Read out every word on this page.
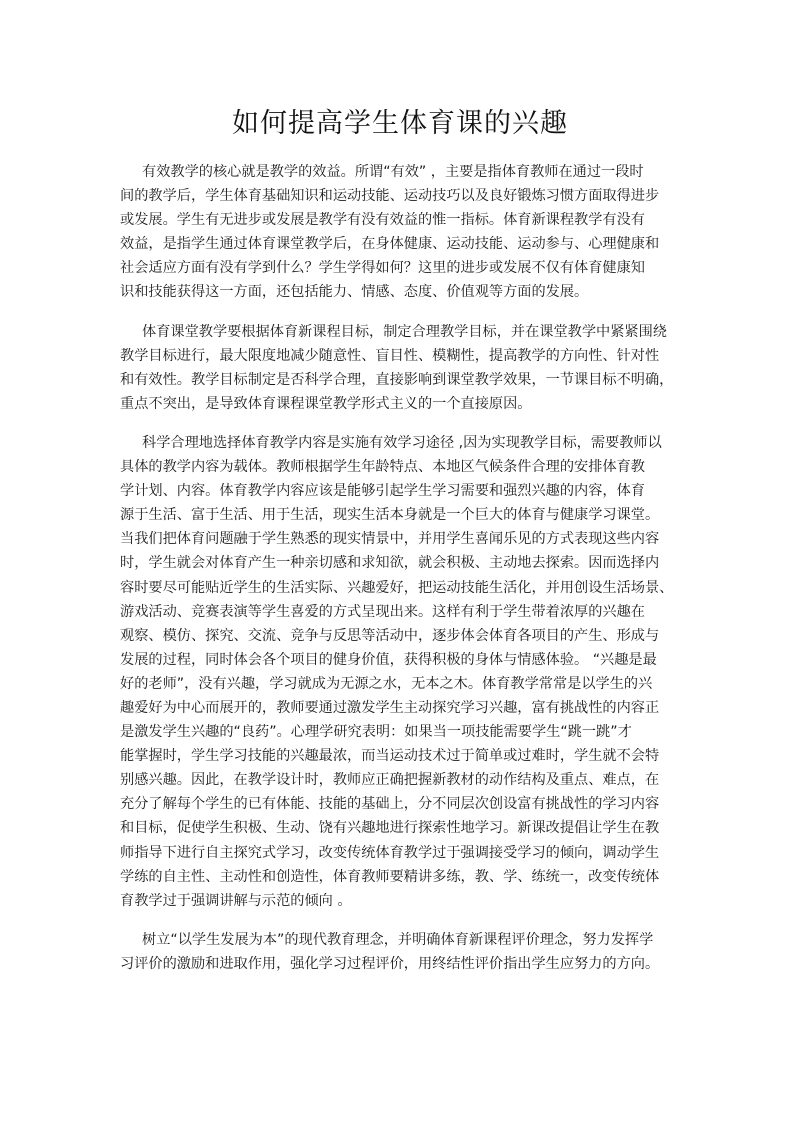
如何提高学生体育课的兴趣
有效教学的核心就是教学的效益。所谓“有效” ，主要是指体育教师在通过一段时
间的教学后，学生体育基础知识和运动技能、运动技巧以及良好锻炼习惯方面取得进步
或发展。学生有无进步或发展是教学有没有效益的惟一指标。体育新课程教学有没有
效益，是指学生通过体育课堂教学后，在身体健康、运动技能、运动参与、心理健康和
社会适应方面有没有学到什么？学生学得如何？这里的进步或发展不仅有体育健康知
识和技能获得这一方面，还包括能力、情感、态度、价值观等方面的发展。
体育课堂教学要根据体育新课程目标，制定合理教学目标，并在课堂教学中紧紧围绕
教学目标进行，最大限度地减少随意性、盲目性、模糊性，提高教学的方向性、针对性
和有效性。教学目标制定是否科学合理，直接影响到课堂教学效果，一节课目标不明确，
重点不突出，是导致体育课程课堂教学形式主义的一个直接原因。
科学合理地选择体育教学内容是实施有效学习途径 ,因为实现教学目标，需要教师以
具体的教学内容为载体。教师根据学生年龄特点、本地区气候条件合理的安排体育教
学计划、内容。体育教学内容应该是能够引起学生学习需要和强烈兴趣的内容，体育
源于生活、富于生活、用于生活，现实生活本身就是一个巨大的体育与健康学习课堂。
当我们把体育问题融于学生熟悉的现实情景中，并用学生喜闻乐见的方式表现这些内容
时，学生就会对体育产生一种亲切感和求知欲，就会积极、主动地去探索。因而选择内
容时要尽可能贴近学生的生活实际、兴趣爱好，把运动技能生活化，并用创设生活场景、
游戏活动、竞赛表演等学生喜爱的方式呈现出来。这样有利于学生带着浓厚的兴趣在
观察、模仿、探究、交流、竞争与反思等活动中，逐步体会体育各项目的产生、形成与
发展的过程，同时体会各个项目的健身价值，获得积极的身体与情感体验。 “兴趣是最
好的老师”，没有兴趣，学习就成为无源之水，无本之木。体育教学常常是以学生的兴
趣爱好为中心而展开的，教师要通过激发学生主动探究学习兴趣，富有挑战性的内容正
是激发学生兴趣的“良药”。心理学研究表明：如果当一项技能需要学生“跳一跳”才
能掌握时，学生学习技能的兴趣最浓，而当运动技术过于简单或过难时，学生就不会特
别感兴趣。因此，在教学设计时，教师应正确把握新教材的动作结构及重点、难点，在
充分了解每个学生的已有体能、技能的基础上，分不同层次创设富有挑战性的学习内容
和目标，促使学生积极、生动、饶有兴趣地进行探索性地学习。新课改提倡让学生在教
师指导下进行自主探究式学习，改变传统体育教学过于强调接受学习的倾向，调动学生
学练的自主性、主动性和创造性，体育教师要精讲多练，教、学、练统一，改变传统体
育教学过于强调讲解与示范的倾向 。
树立“以学生发展为本”的现代教育理念，并明确体育新课程评价理念，努力发挥学
习评价的激励和进取作用，强化学习过程评价，用终结性评价指出学生应努力的方向。
